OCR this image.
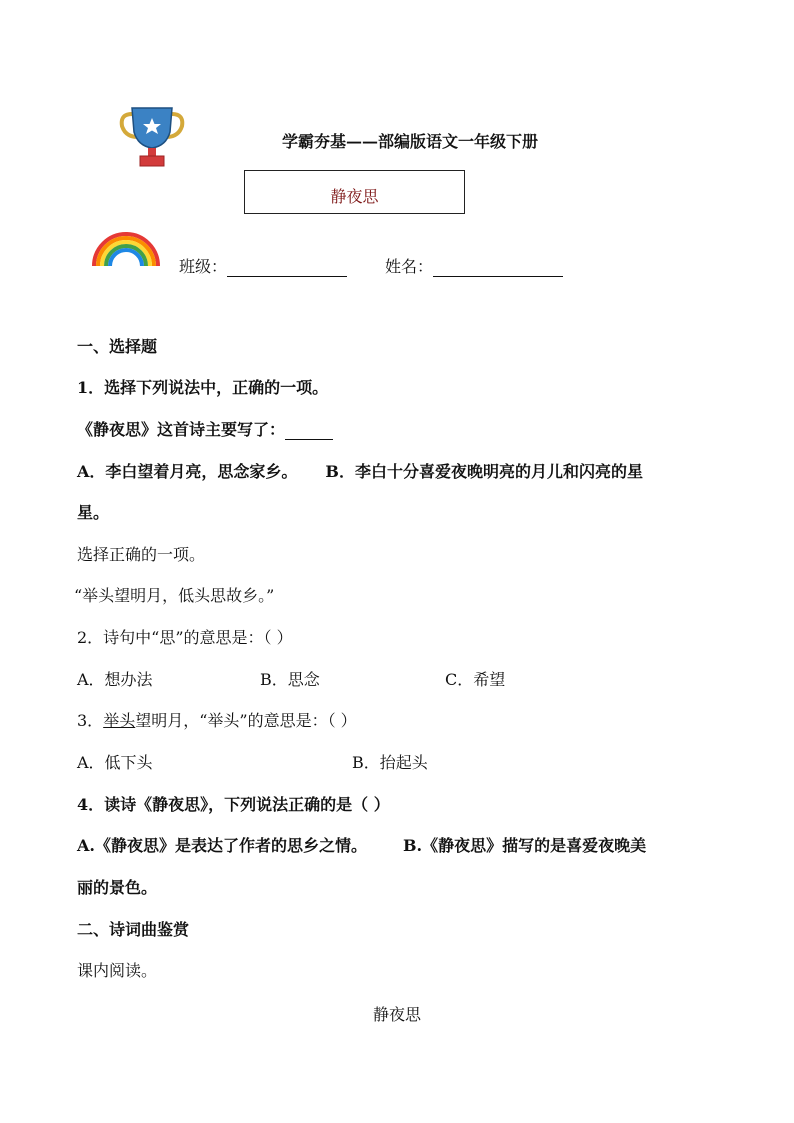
学霸夯基——部编版语文一年级下册
静夜思
班级：	姓名：
一、选择题
1．选择下列说法中，正确的一项。
《静夜思》这首诗主要写了：
A．李白望着月亮，思念家乡。 B．李白十分喜爱夜晚明亮的月儿和闪亮的星
星。
选择正确的一项。
“举头望明月，低头思故乡。”
2．诗句中“思”的意思是：（ ）
A．想办法	B．思念	C．希望
3．举头望明月，“举头”的意思是：（ ）
A．低下头	B．抬起头
4．读诗《静夜思》，下列说法正确的是（ ）
A.《静夜思》是表达了作者的思乡之情。 B.《静夜思》描写的是喜爱夜晚美
丽的景色。
二、诗词曲鉴赏
课内阅读。
静夜思
